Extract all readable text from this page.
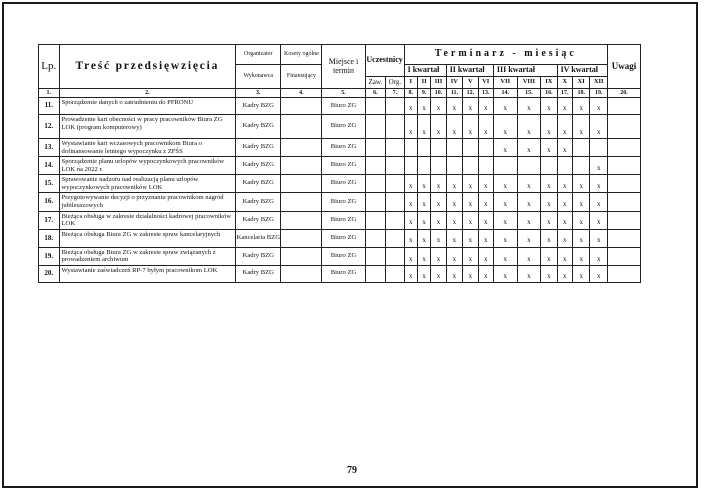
Lp.	Treść przedsięwzięcia	Organizator	Koszty ogólne	Miejsce i termin	Uczestnicy		Terminarz - miesiąc												Uwagi
		Wykonawca	Finansujący				I kwartał			II kwartał			III kwartał			IV kwartał			
					Zaw.	Org.	I	II	III	IV	V	VI	VII	VIII	IX	X	XI	XII	
1.	2.	3.	4.	5.	6.	7.	8.	9.	10.	11.	12.	13.	14.	15.	16.	17.	18.	19.	20.
11.	Sporządzenie danych o zatrudnieniu do PFRONU	Kadry BZG		Biuro ZG			x	x	x	x	x	x	x	x	x	x	x	x	
12.	Prowadzenie kart obecności w pracy pracowników Biura ZG LOK (program komputerowy)	Kadry BZG		Biuro ZG			x	x	x	x	x	x	x	x	x	x	x	x	
13.	Wystawianie kart wczasowych pracownikom Biura o dofinansowanie letniego wypoczynku z ZFŚS	Kadry BZG		Biuro ZG									x	x	x	x			
14.	Sporządzenie planu urlopów wypoczynkowych pracowników LOK na 2022 r.	Kadry BZG		Biuro ZG														x	
15.	Sprawowanie nadzoru nad realizacją planu urlopów wypoczynkowych pracowników LOK	Kadry BZG		Biuro ZG			x	x	x	x	x	x	x	x	x	x	x	x	
16.	Przygotowywanie decyzji o przyznaniu pracownikom nagród jubileuszowych	Kadry BZG		Biuro ZG			x	x	x	x	x	x	x	x	x	x	x	x	
17.	Bieżąca obsługa w zakresie działalności kadrowej pracowników LOK	Kadry BZG		Biuro ZG			x	x	x	x	x	x	x	x	x	x	x	x	
18.	Bieżąca obsługa Biura ZG w zakresie spraw kancelaryjnych	Kancelaria BZG		Biuro ZG			x	x	x	x	x	x	x	x	x	x	x	x	
19.	Bieżąca obsługa Biura ZG w zakresie spraw związanych z prowadzeniem archiwum	Kadry BZG		Biuro ZG			x	x	x	x	x	x	x	x	x	x	x	x	
20.	Wystawianie zaświadczeń RP-7 byłym pracownikom LOK	Kadry BZG		Biuro ZG			x	x	x	x	x	x	x	x	x	x	x	x	
79
